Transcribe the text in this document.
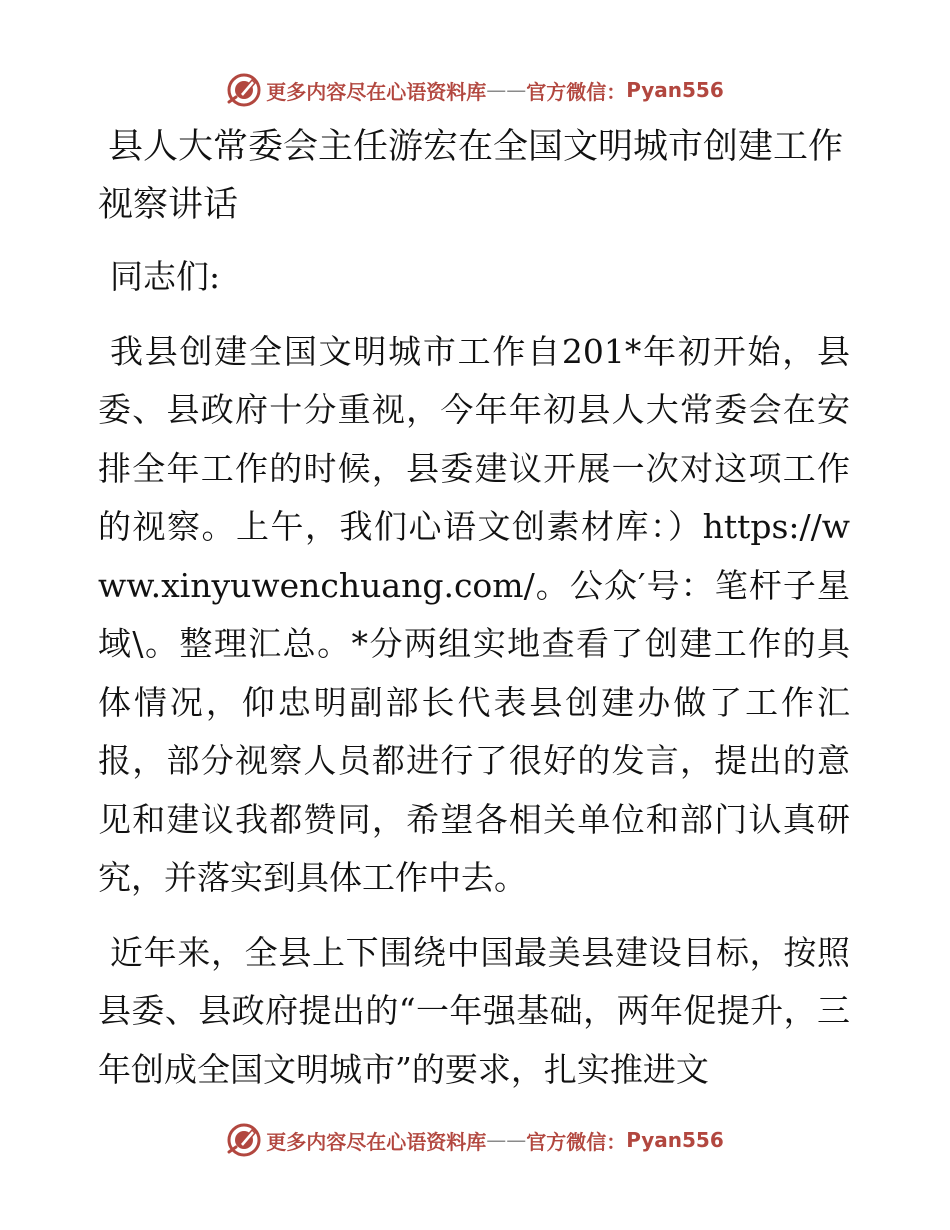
更多内容尽在心语资料库 —— 官方微信： Pyan556
县人大常委会主任游宏在全国文明城市创建工作视察讲话

同志们:

我县创建全国文明城市工作自201*年初开始，县委、县政府十分重视，今年年初县人大常委会在安排全年工作的时候，县委建议开展一次对这项工作的视察。上午，我们心语文创素材库：）https://www.xinyuwenchuang.com/。公众′号：笔杆子星域\。整理汇总。*分两组实地查看了创建工作的具体情况，仰忠明副部长代表县创建办做了工作汇报，部分视察人员都进行了很好的发言，提出的意见和建议我都赞同，希望各相关单位和部门认真研究，并落实到具体工作中去。

近年来，全县上下围绕中国最美县建设目标，按照县委、县政府提出的“一年强基础，两年促提升，三年创成全国文明城市”的要求，扎实推进文

更多内容尽在心语资料库 —— 官方微信： Pyan556
